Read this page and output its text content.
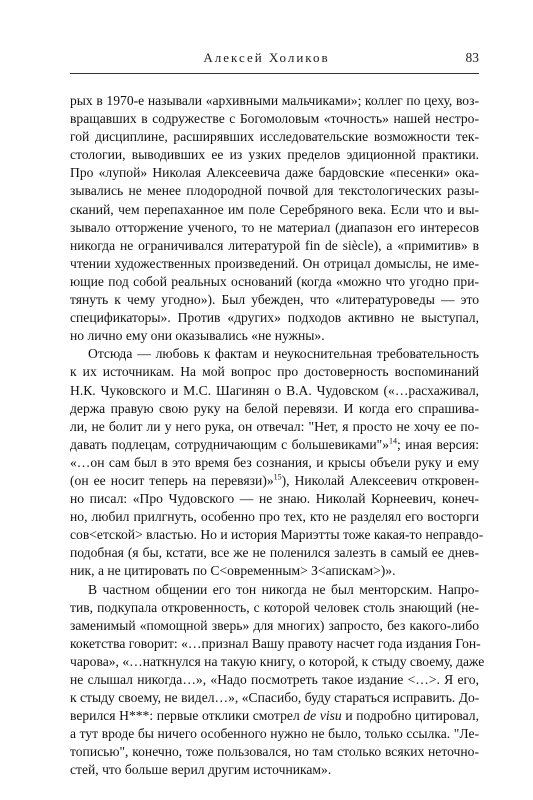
Алексей Холиков	83
рых в 1970-е называли «архивными мальчиками»; коллег по цеху, воз-
вращавших в содружестве с Богомоловым «точность» нашей нестро-
гой дисциплине, расширявших исследовательские возможности тек-
стологии, выводивших ее из узких пределов эдиционной практики.
Про «лупой» Николая Алексеевича даже бардовские «песенки» ока-
зывались не менее плодородной почвой для текстологических разы-
сканий, чем перепаханное им поле Серебряного века. Если что и вы-
зывало отторжение ученого, то не материал (диапазон его интересов
никогда не ограничивался литературой fin de siècle), а «примитив» в
чтении художественных произведений. Он отрицал домыслы, не име-
ющие под собой реальных оснований (когда «можно что угодно при-
тянуть к чему угодно»). Был убежден, что «литературоведы — это
спецификаторы». Против «других» подходов активно не выступал,
но лично ему они оказывались «не нужны».
Отсюда — любовь к фактам и неукоснительная требовательность
к их источникам. На мой вопрос про достоверность воспоминаний
Н.К. Чуковского и М.С. Шагинян о В.А. Чудовском («…расхаживал,
держа правую свою руку на белой перевязи. И когда его спрашива-
ли, не болит ли у него рука, он отвечал: "Нет, я просто не хочу ее по-
давать подлецам, сотрудничающим с большевиками"»$^{14}$; иная версия:
«…он сам был в это время без сознания, и крысы объели руку и ему
(он ее носит теперь на перевязи)»$^{15}$), Николай Алексеевич откровен-
но писал: «Про Чудовского — не знаю. Николай Корнеевич, конеч-
но, любил прилгнуть, особенно про тех, кто не разделял его восторги
сов<етской> властью. Но и история Мариэтты тоже какая-то неправдо-
подобная (я бы, кстати, все же не поленился залезть в самый ее днев-
ник, а не цитировать по С<овременным> З<апискам>)».
В частном общении его тон никогда не был менторским. Напро-
тив, подкупала откровенность, с которой человек столь знающий (не-
заменимый «помощной зверь» для многих) запросто, без какого-либо
кокетства говорит: «…признал Вашу правоту насчет года издания Гон-
чарова», «…наткнулся на такую книгу, о которой, к стыду своему, даже
не слышал никогда…», «Надо посмотреть такое издание <…>. Я его,
к стыду своему, не видел…», «Спасибо, буду стараться исправить. До-
верился Н***: первые отклики смотрел de visu и подробно цитировал,
а тут вроде бы ничего особенного нужно не было, только ссылка. "Ле-
тописью", конечно, тоже пользовался, но там столько всяких неточно-
стей, что больше верил другим источникам».
